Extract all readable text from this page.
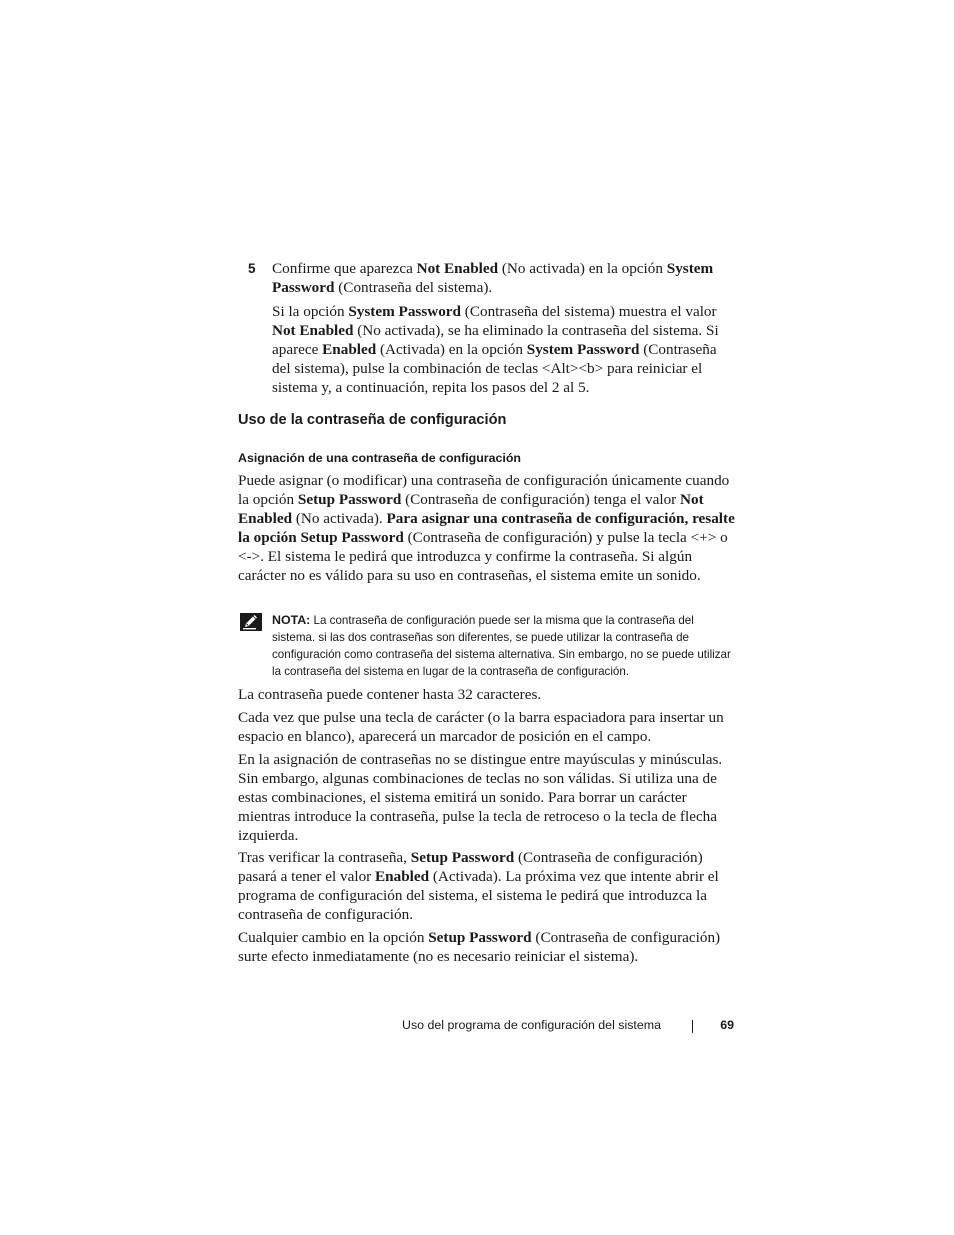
5 Confirme que aparezca Not Enabled (No activada) en la opción System Password (Contraseña del sistema).

Si la opción System Password (Contraseña del sistema) muestra el valor Not Enabled (No activada), se ha eliminado la contraseña del sistema. Si aparece Enabled (Activada) en la opción System Password (Contraseña del sistema), pulse la combinación de teclas <Alt><b> para reiniciar el sistema y, a continuación, repita los pasos del 2 al 5.

Uso de la contraseña de configuración
Asignación de una contraseña de configuración

Puede asignar (o modificar) una contraseña de configuración únicamente cuando la opción Setup Password (Contraseña de configuración) tenga el valor Not Enabled (No activada). Para asignar una contraseña de configuración, resalte la opción Setup Password (Contraseña de configuración) y pulse la tecla <+> o <->. El sistema le pedirá que introduzca y confirme la contraseña. Si algún carácter no es válido para su uso en contraseñas, el sistema emite un sonido.

NOTA: La contraseña de configuración puede ser la misma que la contraseña del sistema. si las dos contraseñas son diferentes, se puede utilizar la contraseña de configuración como contraseña del sistema alternativa. Sin embargo, no se puede utilizar la contraseña del sistema en lugar de la contraseña de configuración.

La contraseña puede contener hasta 32 caracteres.

Cada vez que pulse una tecla de carácter (o la barra espaciadora para insertar un espacio en blanco), aparecerá un marcador de posición en el campo.

En la asignación de contraseñas no se distingue entre mayúsculas y minúsculas. Sin embargo, algunas combinaciones de teclas no son válidas. Si utiliza una de estas combinaciones, el sistema emitirá un sonido. Para borrar un carácter mientras introduce la contraseña, pulse la tecla de retroceso o la tecla de flecha izquierda.

Tras verificar la contraseña, Setup Password (Contraseña de configuración) pasará a tener el valor Enabled (Activada). La próxima vez que intente abrir el programa de configuración del sistema, el sistema le pedirá que introduzca la contraseña de configuración.

Cualquier cambio en la opción Setup Password (Contraseña de configuración) surte efecto inmediatamente (no es necesario reiniciar el sistema).

Uso del programa de configuración del sistema	69
